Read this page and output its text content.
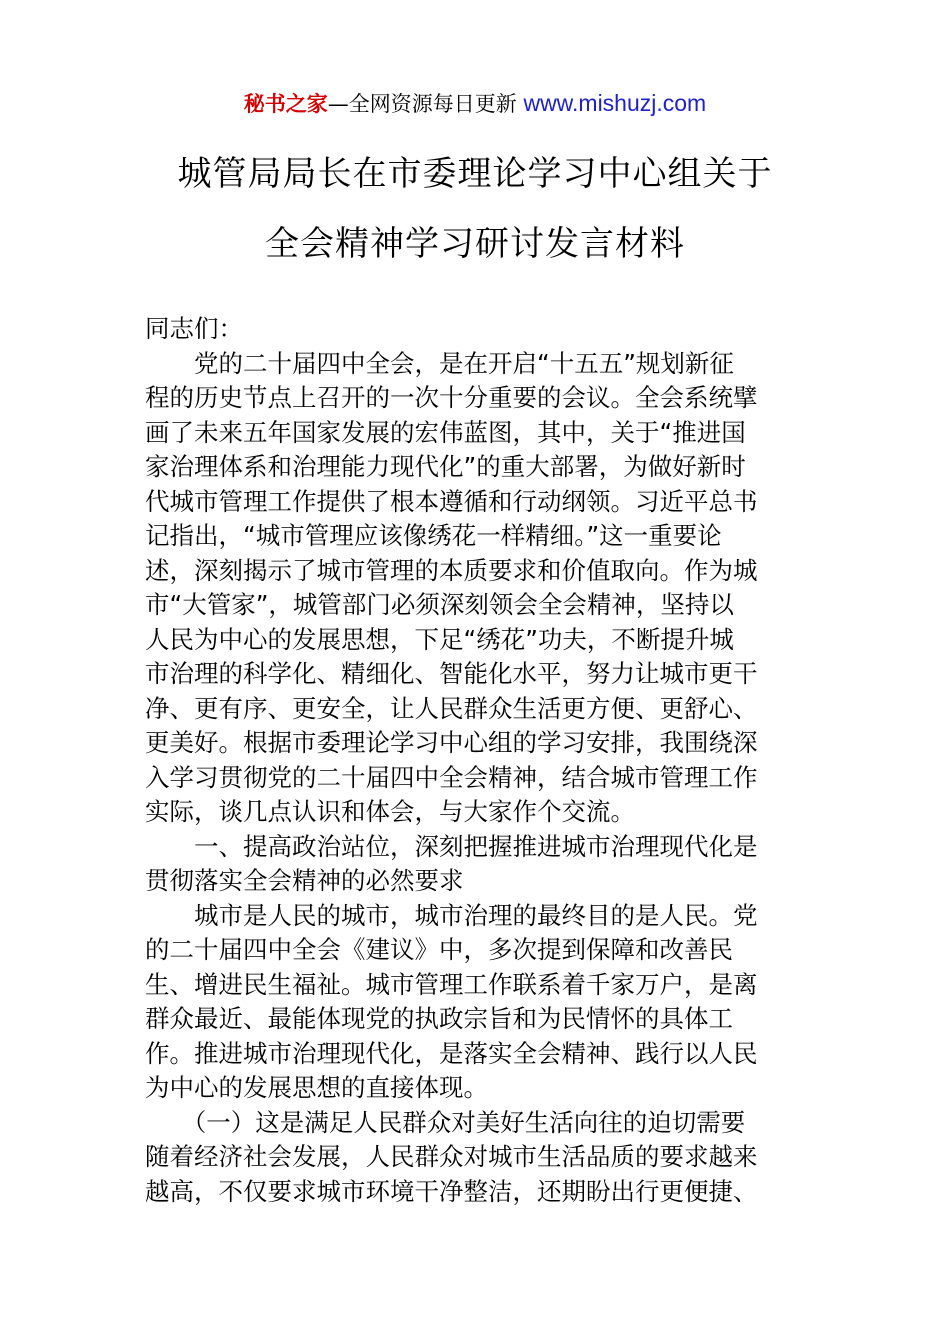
秘书之家—全网资源每日更新 www.mishuzj.com
城管局局长在市委理论学习中心组关于
全会精神学习研讨发言材料
同志们：
　　党的二十届四中全会，是在开启“十五五”规划新征
程的历史节点上召开的一次十分重要的会议。全会系统擘
画了未来五年国家发展的宏伟蓝图，其中，关于“推进国
家治理体系和治理能力现代化”的重大部署，为做好新时
代城市管理工作提供了根本遵循和行动纲领。习近平总书
记指出，“城市管理应该像绣花一样精细。”这一重要论
述，深刻揭示了城市管理的本质要求和价值取向。作为城
市“大管家”，城管部门必须深刻领会全会精神，坚持以
人民为中心的发展思想，下足“绣花”功夫，不断提升城
市治理的科学化、精细化、智能化水平，努力让城市更干
净、更有序、更安全，让人民群众生活更方便、更舒心、
更美好。根据市委理论学习中心组的学习安排，我围绕深
入学习贯彻党的二十届四中全会精神，结合城市管理工作
实际，谈几点认识和体会，与大家作个交流。
　　一、提高政治站位，深刻把握推进城市治理现代化是
贯彻落实全会精神的必然要求
　　城市是人民的城市，城市治理的最终目的是人民。党
的二十届四中全会《建议》中，多次提到保障和改善民
生、增进民生福祉。城市管理工作联系着千家万户，是离
群众最近、最能体现党的执政宗旨和为民情怀的具体工
作。推进城市治理现代化，是落实全会精神、践行以人民
为中心的发展思想的直接体现。
　　（一）这是满足人民群众对美好生活向往的迫切需要
随着经济社会发展，人民群众对城市生活品质的要求越来
越高，不仅要求城市环境干净整洁，还期盼出行更便捷、
